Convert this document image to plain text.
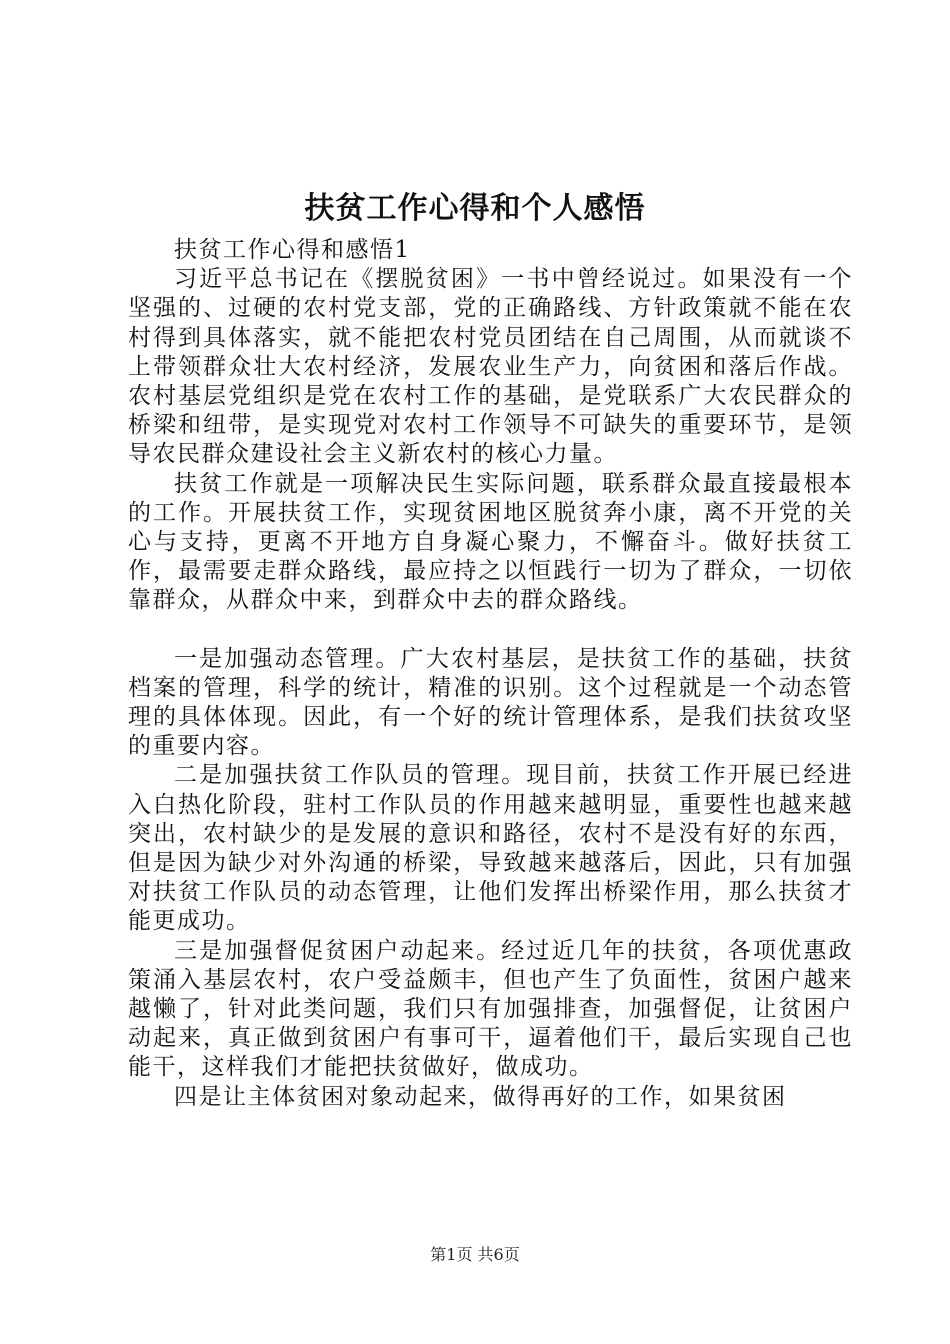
扶贫工作心得和个人感悟

扶贫工作心得和感悟1

习近平总书记在《摆脱贫困》一书中曾经说过。如果没有一个坚强的、过硬的农村党支部，党的正确路线、方针政策就不能在农村得到具体落实，就不能把农村党员团结在自己周围，从而就谈不上带领群众壮大农村经济，发展农业生产力，向贫困和落后作战。农村基层党组织是党在农村工作的基础，是党联系广大农民群众的桥梁和纽带，是实现党对农村工作领导不可缺失的重要环节，是领导农民群众建设社会主义新农村的核心力量。

扶贫工作就是一项解决民生实际问题，联系群众最直接最根本的工作。开展扶贫工作，实现贫困地区脱贫奔小康，离不开党的关心与支持，更离不开地方自身凝心聚力，不懈奋斗。做好扶贫工作，最需要走群众路线，最应持之以恒践行一切为了群众，一切依靠群众，从群众中来，到群众中去的群众路线。

一是加强动态管理。广大农村基层，是扶贫工作的基础，扶贫档案的管理，科学的统计，精准的识别。这个过程就是一个动态管理的具体体现。因此，有一个好的统计管理体系，是我们扶贫攻坚的重要内容。

二是加强扶贫工作队员的管理。现目前，扶贫工作开展已经进入白热化阶段，驻村工作队员的作用越来越明显，重要性也越来越突出，农村缺少的是发展的意识和路径，农村不是没有好的东西，但是因为缺少对外沟通的桥梁，导致越来越落后，因此，只有加强对扶贫工作队员的动态管理，让他们发挥出桥梁作用，那么扶贫才能更成功。

三是加强督促贫困户动起来。经过近几年的扶贫，各项优惠政策涌入基层农村，农户受益颇丰，但也产生了负面性，贫困户越来越懒了，针对此类问题，我们只有加强排查，加强督促，让贫困户动起来，真正做到贫困户有事可干，逼着他们干，最后实现自己也能干，这样我们才能把扶贫做好，做成功。

四是让主体贫困对象动起来，做得再好的工作，如果贫困

第1页 共6页
